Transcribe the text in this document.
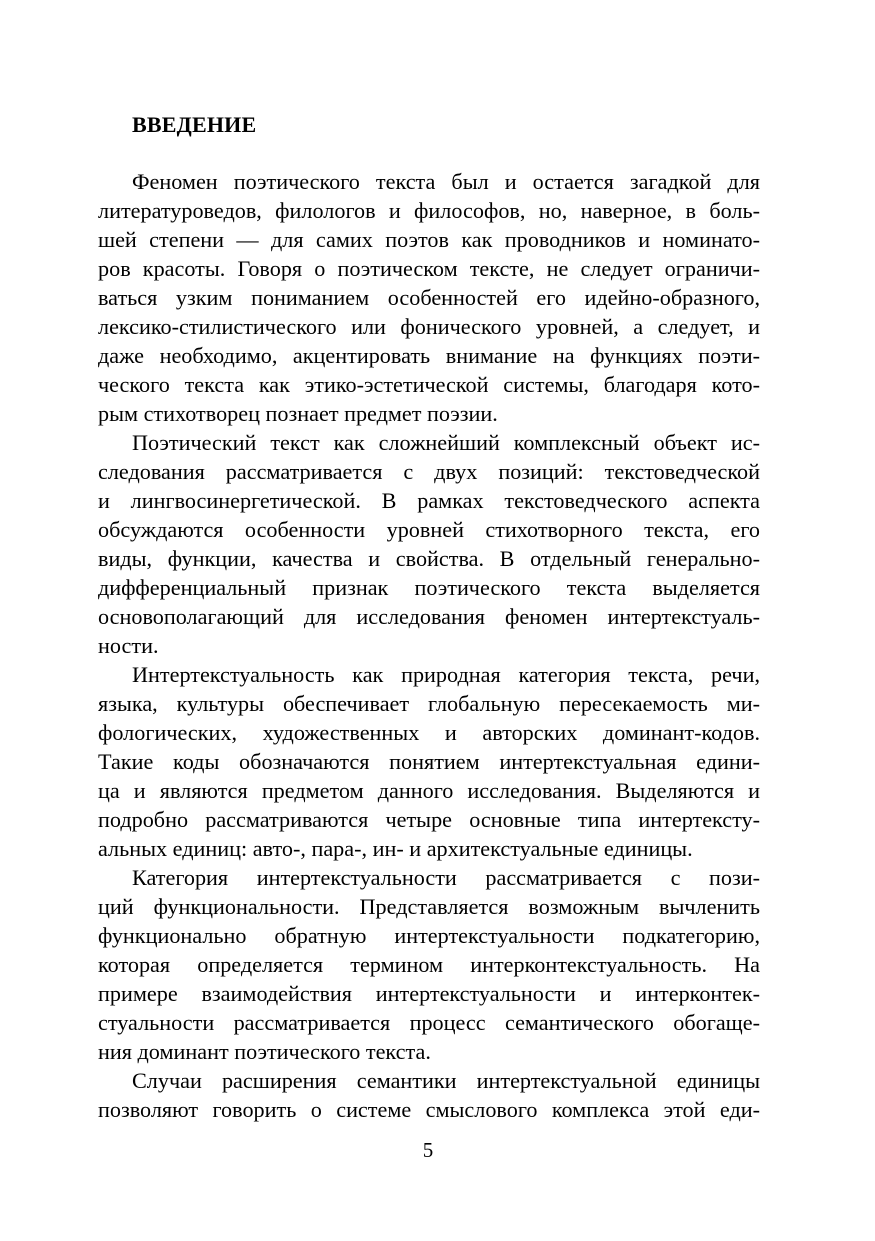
ВВЕДЕНИЕ
Феномен поэтического текста был и остается загадкой для
литературоведов, филологов и философов, но, наверное, в боль-
шей степени — для самих поэтов как проводников и номинато-
ров красоты. Говоря о поэтическом тексте, не следует ограничи-
ваться узким пониманием особенностей его идейно-образного,
лексико-стилистического или фонического уровней, а следует, и
даже необходимо, акцентировать внимание на функциях поэти-
ческого текста как этико-эстетической системы, благодаря кото-
рым стихотворец познает предмет поэзии.
Поэтический текст как сложнейший комплексный объект ис-
следования рассматривается с двух позиций: текстоведческой
и лингвосинергетической. В рамках текстоведческого аспекта
обсуждаются особенности уровней стихотворного текста, его
виды, функции, качества и свойства. В отдельный генерально-
дифференциальный признак поэтического текста выделяется
основополагающий для исследования феномен интертекстуаль-
ности.
Интертекстуальность как природная категория текста, речи,
языка, культуры обеспечивает глобальную пересекаемость ми-
фологических, художественных и авторских доминант-кодов.
Такие коды обозначаются понятием интертекстуальная едини-
ца и являются предметом данного исследования. Выделяются и
подробно рассматриваются четыре основные типа интертексту-
альных единиц: авто-, пара-, ин- и архитекстуальные единицы.
Категория интертекстуальности рассматривается с пози-
ций функциональности. Представляется возможным вычленить
функционально обратную интертекстуальности подкатегорию,
которая определяется термином интерконтекстуальность. На
примере взаимодействия интертекстуальности и интерконтек-
стуальности рассматривается процесс семантического обогаще-
ния доминант поэтического текста.
Случаи расширения семантики интертекстуальной единицы
позволяют говорить о системе смыслового комплекса этой еди-
5
